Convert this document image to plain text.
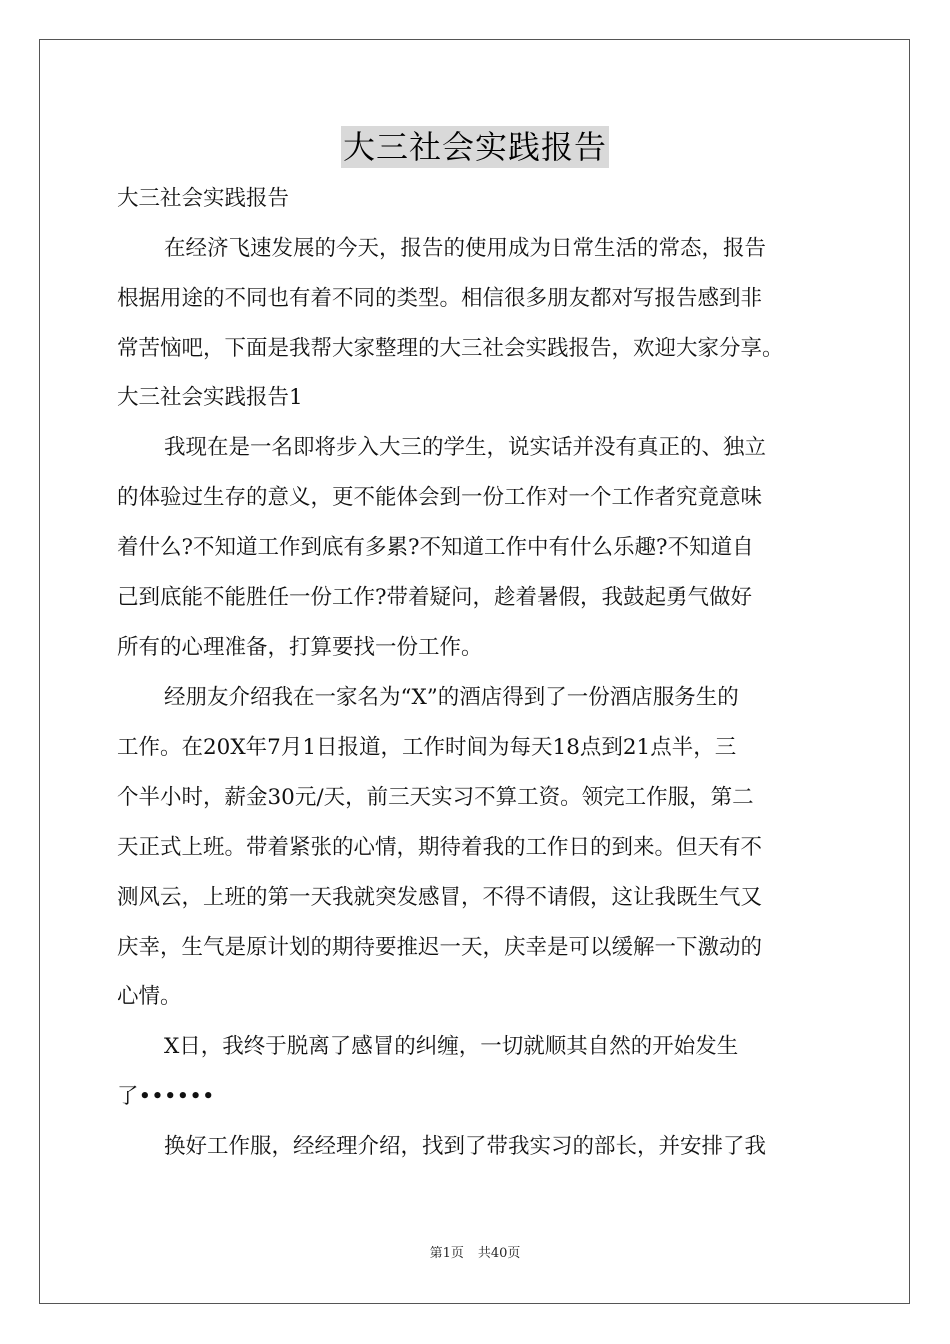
大三社会实践报告
大三社会实践报告
在经济飞速发展的今天，报告的使用成为日常生活的常态，报告
根据用途的不同也有着不同的类型。相信很多朋友都对写报告感到非
常苦恼吧，下面是我帮大家整理的大三社会实践报告，欢迎大家分享。
大三社会实践报告1
我现在是一名即将步入大三的学生，说实话并没有真正的、独立
的体验过生存的意义，更不能体会到一份工作对一个工作者究竟意味
着什么?不知道工作到底有多累?不知道工作中有什么乐趣?不知道自
己到底能不能胜任一份工作?带着疑问，趁着暑假，我鼓起勇气做好
所有的心理准备，打算要找一份工作。
经朋友介绍我在一家名为“X”的酒店得到了一份酒店服务生的
工作。在20X年7月1日报道，工作时间为每天18点到21点半，三
个半小时，薪金30元/天，前三天实习不算工资。领完工作服，第二
天正式上班。带着紧张的心情，期待着我的工作日的到来。但天有不
测风云，上班的第一天我就突发感冒，不得不请假，这让我既生气又
庆幸，生气是原计划的期待要推迟一天，庆幸是可以缓解一下激动的
心情。
X日，我终于脱离了感冒的纠缠，一切就顺其自然的开始发生
了••••••
换好工作服，经经理介绍，找到了带我实习的部长，并安排了我
第1页 共40页
